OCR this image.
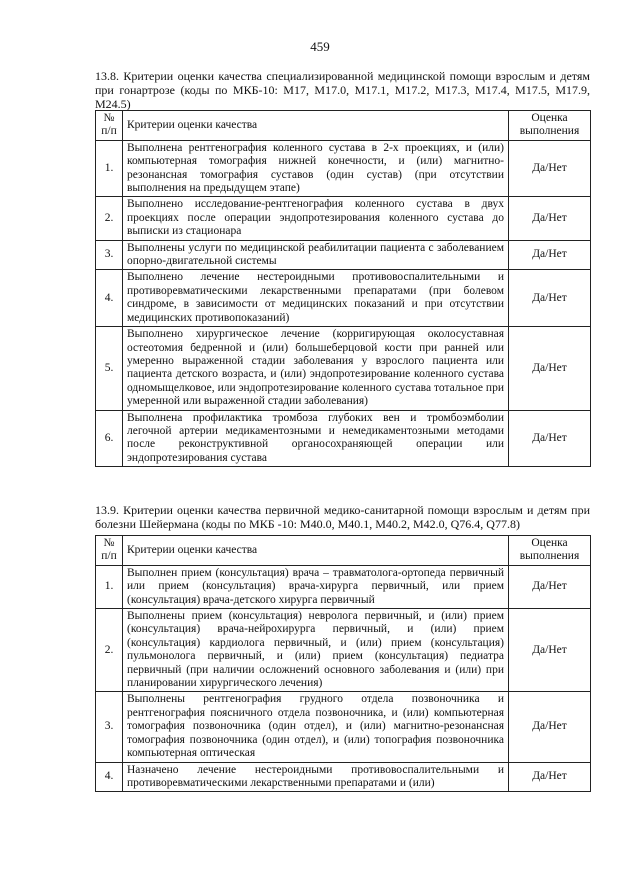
459
13.8. Критерии оценки качества специализированной медицинской помощи взрослым и детям при гонартрозе (коды по МКБ-10: M17, M17.0, M17.1, M17.2, M17.3, M17.4, M17.5, M17.9, M24.5)
№ п/п	Критерии оценки качества	Оценка выполнения
1.	Выполнена рентгенография коленного сустава в 2-х проекциях, и (или) компьютерная томография нижней конечности, и (или) магнитно-резонансная томография суставов (один сустав) (при отсутствии выполнения на предыдущем этапе)	Да/Нет
2.	Выполнено исследование-рентгенография коленного сустава в двух проекциях после операции эндопротезирования коленного сустава до выписки из стационара	Да/Нет
3.	Выполнены услуги по медицинской реабилитации пациента с заболеванием опорно-двигательной системы	Да/Нет
4.	Выполнено лечение нестероидными противовоспалительными и противоревматическими лекарственными препаратами (при болевом синдроме, в зависимости от медицинских показаний и при отсутствии медицинских противопоказаний)	Да/Нет
5.	Выполнено хирургическое лечение (корригирующая околосуставная остеотомия бедренной и (или) большеберцовой кости при ранней или умеренно выраженной стадии заболевания у взрослого пациента или пациента детского возраста, и (или) эндопротезирование коленного сустава одномыщелковое, или эндопротезирование коленного сустава тотальное при умеренной или выраженной стадии заболевания)	Да/Нет
6.	Выполнена профилактика тромбоза глубоких вен и тромбоэмболии легочной артерии медикаментозными и немедикаментозными методами после реконструктивной органосохраняющей операции или эндопротезирования сустава	Да/Нет
13.9. Критерии оценки качества первичной медико-санитарной помощи взрослым и детям при болезни Шейермана (коды по МКБ -10: M40.0, M40.1, M40.2, M42.0, Q76.4, Q77.8)
№ п/п	Критерии оценки качества	Оценка выполнения
1.	Выполнен прием (консультация) врача – травматолога-ортопеда первичный или прием (консультация) врача-хирурга первичный, или прием (консультация) врача-детского хирурга первичный	Да/Нет
2.	Выполнены прием (консультация) невролога первичный, и (или) прием (консультация) врача-нейрохирурга первичный, и (или) прием (консультация) кардиолога первичный, и (или) прием (консультация) пульмонолога первичный, и (или) прием (консультация) педиатра первичный (при наличии осложнений основного заболевания и (или) при планировании хирургического лечения)	Да/Нет
3.	Выполнены рентгенография грудного отдела позвоночника и рентгенография поясничного отдела позвоночника, и (или) компьютерная томография позвоночника (один отдел), и (или) магнитно-резонансная томография позвоночника (один отдел), и (или) топография позвоночника компьютерная оптическая	Да/Нет
4.	Назначено лечение нестероидными противовоспалительными и противоревматическими лекарственными препаратами и (или)	Да/Нет
